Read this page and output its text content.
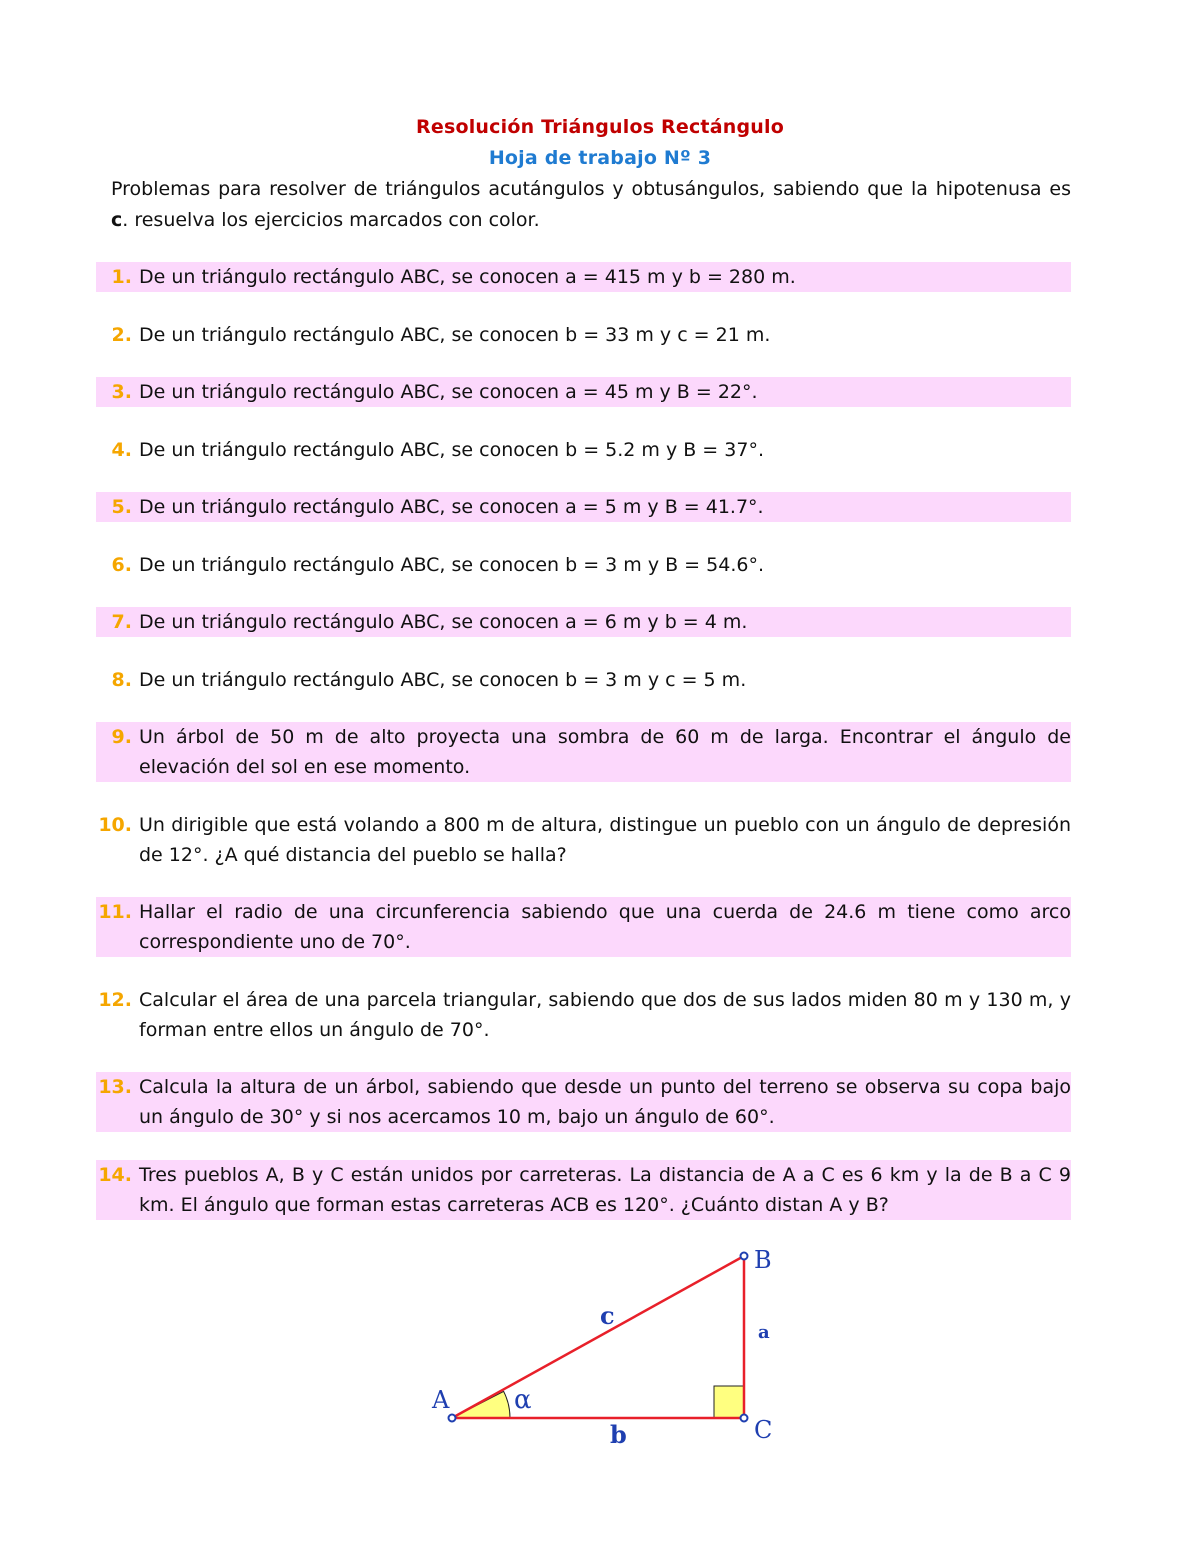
Resolución Triángulos Rectángulo
Hoja de trabajo Nº 3
Problemas para resolver de triángulos acutángulos y obtusángulos, sabiendo que la hipotenusa es c. resuelva los ejercicios marcados con color.
1. De un triángulo rectángulo ABC, se conocen a = 415 m y b = 280 m.
2. De un triángulo rectángulo ABC, se conocen b = 33 m y c = 21 m.
3. De un triángulo rectángulo ABC, se conocen a = 45 m y B = 22°.
4. De un triángulo rectángulo ABC, se conocen b = 5.2 m y B = 37°.
5. De un triángulo rectángulo ABC, se conocen a = 5 m y B = 41.7°.
6. De un triángulo rectángulo ABC, se conocen b = 3 m y B = 54.6°.
7. De un triángulo rectángulo ABC, se conocen a = 6 m y b = 4 m.
8. De un triángulo rectángulo ABC, se conocen b = 3 m y c = 5 m.
9. Un árbol de 50 m de alto proyecta una sombra de 60 m de larga. Encontrar el ángulo de elevación del sol en ese momento.
10. Un dirigible que está volando a 800 m de altura, distingue un pueblo con un ángulo de depresión de 12°. ¿A qué distancia del pueblo se halla?
11. Hallar el radio de una circunferencia sabiendo que una cuerda de 24.6 m tiene como arco correspondiente uno de 70°.
12. Calcular el área de una parcela triangular, sabiendo que dos de sus lados miden 80 m y 130 m, y forman entre ellos un ángulo de 70°.
13. Calcula la altura de un árbol, sabiendo que desde un punto del terreno se observa su copa bajo un ángulo de 30° y si nos acercamos 10 m, bajo un ángulo de 60°.
14. Tres pueblos A, B y C están unidos por carreteras. La distancia de A a C es 6 km y la de B a C 9 km. El ángulo que forman estas carreteras ACB es 120°. ¿Cuánto distan A y B?
A
B
C
a
b
c
α
